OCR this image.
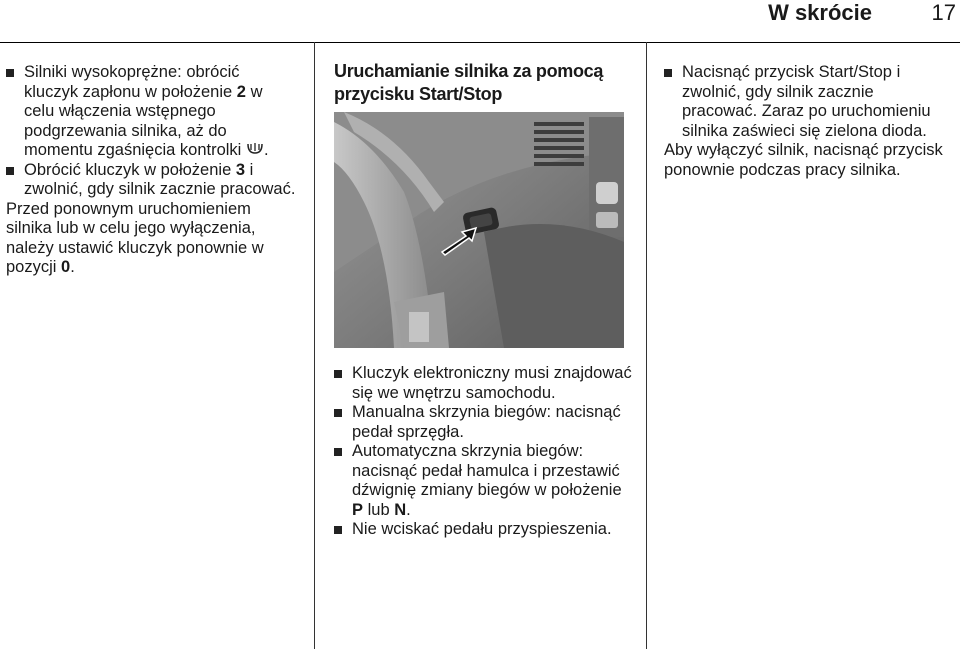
W skrócie	17

Silniki wysokoprężne: obrócić kluczyk zapłonu w położenie 2 w celu włączenia wstępnego podgrzewania silnika, aż do momentu zgaśnięcia kontrolki .

Obrócić kluczyk w położenie 3 i zwolnić, gdy silnik zacznie pracować.

Przed ponownym uruchomieniem silnika lub w celu jego wyłączenia, należy ustawić kluczyk ponownie w pozycji 0.

Uruchamianie silnika za pomocą przycisku Start/Stop

Kluczyk elektroniczny musi znajdować się we wnętrzu samochodu.

Manualna skrzynia biegów: nacisnąć pedał sprzęgła.

Automatyczna skrzynia biegów: nacisnąć pedał hamulca i przestawić dźwignię zmiany biegów w położenie P lub N.

Nie wciskać pedału przyspieszenia.

Nacisnąć przycisk Start/Stop i zwolnić, gdy silnik zacznie pracować. Zaraz po uruchomieniu silnika zaświeci się zielona dioda.

Aby wyłączyć silnik, nacisnąć przycisk ponownie podczas pracy silnika.
